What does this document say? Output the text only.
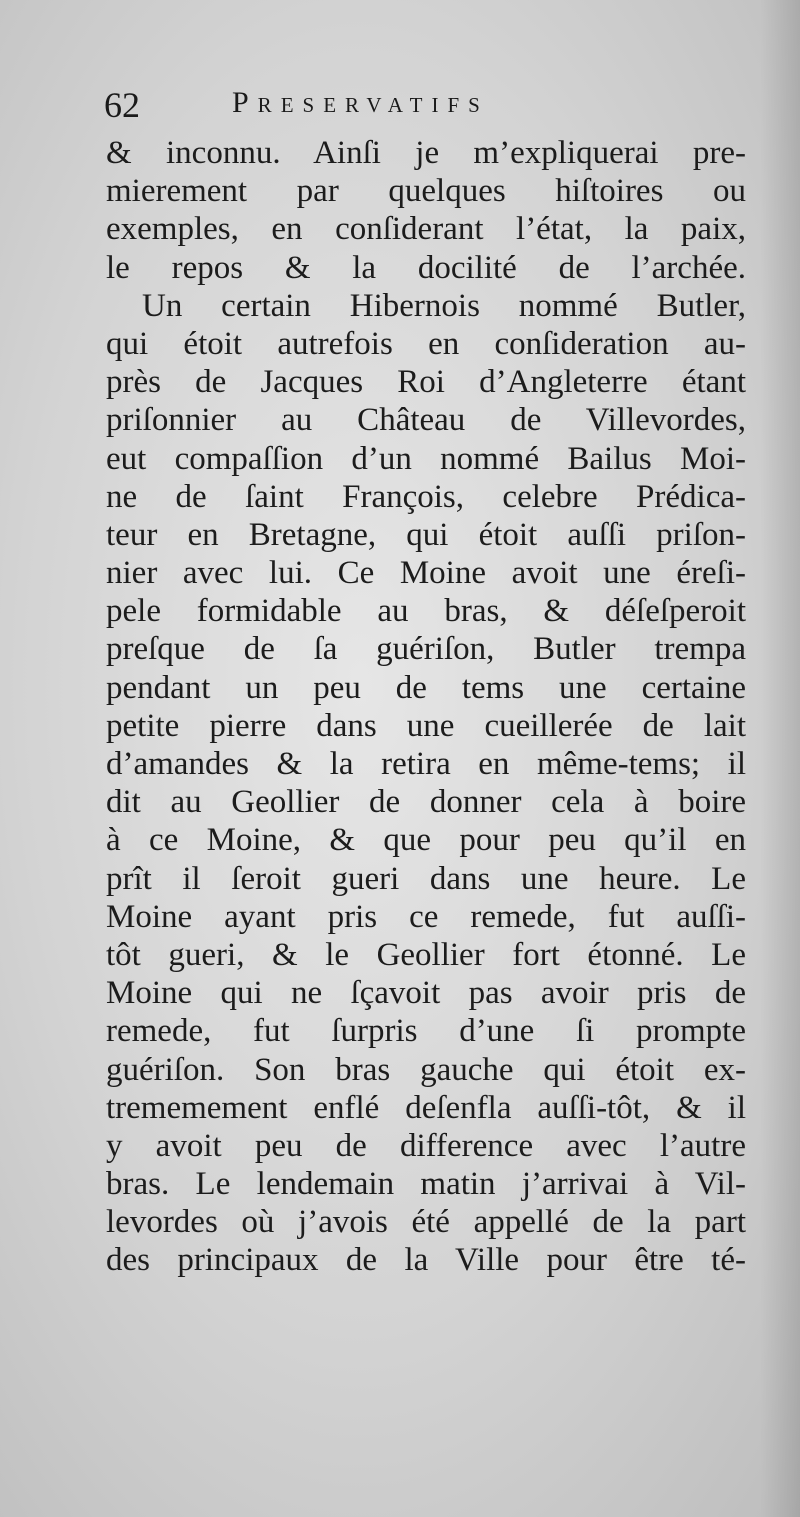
62	Preservatifs
& inconnu. Ainſi je m’expliquerai pre-
mierement par quelques hiſtoires ou
exemples, en conſiderant l’état, la paix,
le repos & la docilité de l’archée.
Un certain Hibernois nommé Butler,
qui étoit autrefois en conſideration au-
près de Jacques Roi d’Angleterre étant
priſonnier au Château de Villevordes,
eut compaſſion d’un nommé Bailus Moi-
ne de ſaint François, celebre Prédica-
teur en Bretagne, qui étoit auſſi priſon-
nier avec lui. Ce Moine avoit une éreſi-
pele formidable au bras, & déſeſperoit
preſque de ſa guériſon, Butler trempa
pendant un peu de tems une certaine
petite pierre dans une cueillerée de lait
d’amandes & la retira en même-tems; il
dit au Geollier de donner cela à boire
à ce Moine, & que pour peu qu’il en
prît il ſeroit gueri dans une heure. Le
Moine ayant pris ce remede, fut auſſi-
tôt gueri, & le Geollier fort étonné. Le
Moine qui ne ſçavoit pas avoir pris de
remede, fut ſurpris d’une ſi prompte
guériſon. Son bras gauche qui étoit ex-
trememement enflé deſenfla auſſi-tôt, & il
y avoit peu de difference avec l’autre
bras. Le lendemain matin j’arrivai à Vil-
levordes où j’avois été appellé de la part
des principaux de la Ville pour être té-
